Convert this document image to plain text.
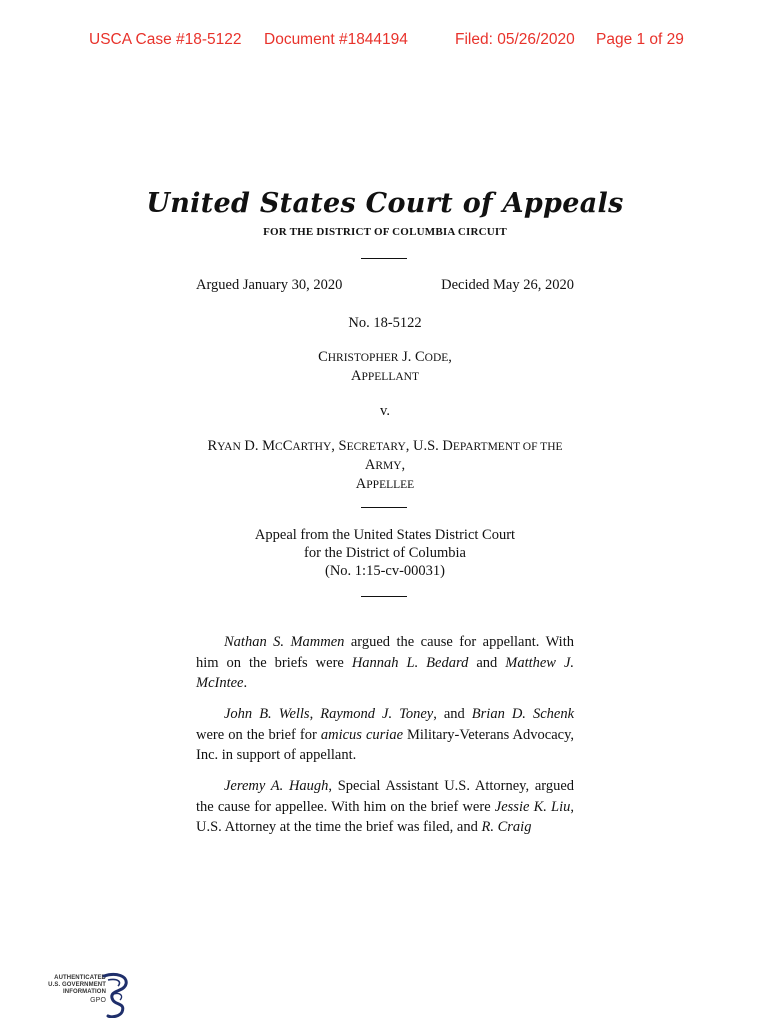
USCA Case #18-5122 Document #1844194	Filed: 05/26/2020 Page 1 of 29
United States Court of Appeals
FOR THE DISTRICT OF COLUMBIA CIRCUIT
Argued January 30, 2020	Decided May 26, 2020
No. 18-5122
CHRISTOPHER J. CODE,
APPELLANT
v.
RYAN D. MCCARTHY, SECRETARY, U.S. DEPARTMENT OF THE
ARMY,
APPELLEE
Appeal from the United States District Court
for the District of Columbia
(No. 1:15-cv-00031)
Nathan S. Mammen argued the cause for appellant. With him on the briefs were Hannah L. Bedard and Matthew J. McIntee.
John B. Wells, Raymond J. Toney, and Brian D. Schenk were on the brief for amicus curiae Military-Veterans Advocacy, Inc. in support of appellant.
Jeremy A. Haugh, Special Assistant U.S. Attorney, argued the cause for appellee. With him on the brief were Jessie K. Liu, U.S. Attorney at the time the brief was filed, and R. Craig
AUTHENTICATED
U.S. GOVERNMENT
INFORMATION
GPO
